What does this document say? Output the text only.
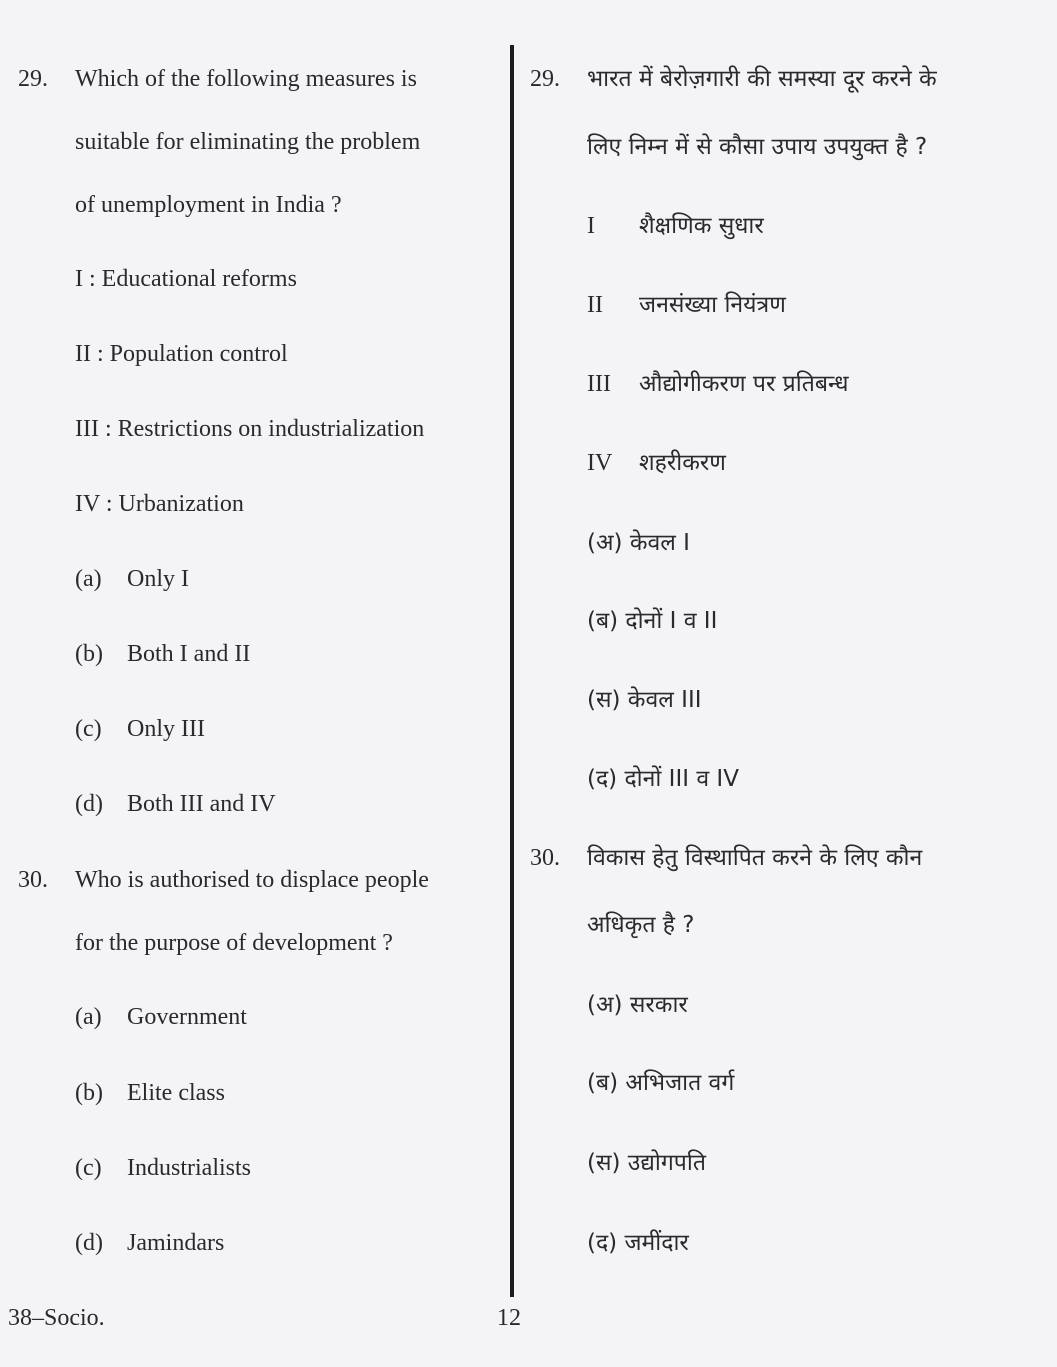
29. Which of the following measures is
suitable for eliminating the problem
of unemployment in India ?
I : Educational reforms
II : Population control
III : Restrictions on industrialization
IV : Urbanization
(a) Only I
(b) Both I and II
(c) Only III
(d) Both III and IV
30. Who is authorised to displace people
for the purpose of development ?
(a) Government
(b) Elite class
(c) Industrialists
(d) Jamindars
29. भारत में बेरोज़गारी की समस्या दूर करने के
लिए निम्न में से कौसा उपाय उपयुक्त है ?
I शैक्षणिक सुधार
II जनसंख्या नियंत्रण
III औद्योगीकरण पर प्रतिबन्ध
IV शहरीकरण
(अ) केवल I
(ब) दोनों I व II
(स) केवल III
(द) दोनों III व IV
30. विकास हेतु विस्थापित करने के लिए कौन
अधिकृत है ?
(अ) सरकार
(ब) अभिजात वर्ग
(स) उद्योगपति
(द) जमींदार
38–Socio.	12
